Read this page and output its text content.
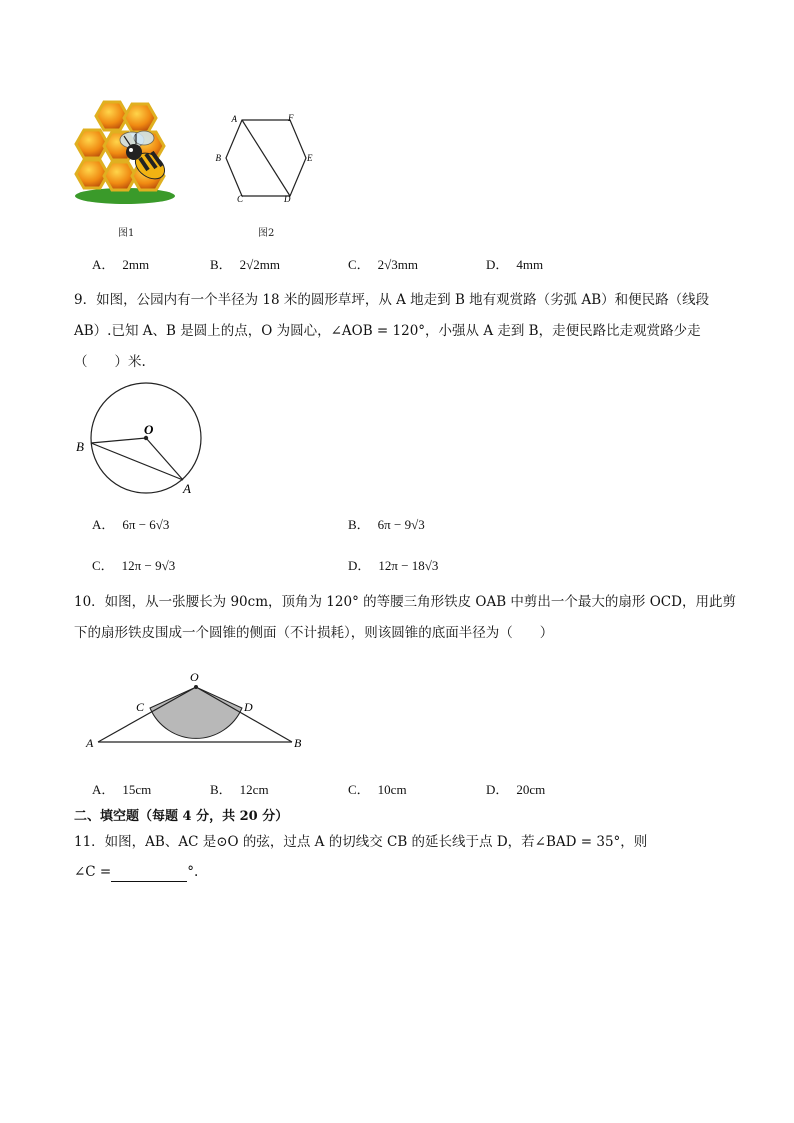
图1
A	F
E
D
C
B
图2
A． 2mm	B． 2√2mm	C． 2√3mm	D． 4mm
9．如图，公园内有一个半径为 18 米的圆形草坪，从 A 地走到 B 地有观赏路（劣弧 AB）和便民路（线段
AB）.已知 A、B 是圆上的点，O 为圆心，∠AOB = 120°，小强从 A 走到 B，走便民路比走观赏路少走
（　　）米.
O
B
A
A． 6π − 6√3	B． 6π − 9√3
C． 12π − 9√3	D． 12π − 18√3
10．如图，从一张腰长为 90cm，顶角为 120° 的等腰三角形铁皮 OAB 中剪出一个最大的扇形 OCD，用此剪
下的扇形铁皮围成一个圆锥的侧面（不计损耗），则该圆锥的底面半径为（　　）
O
C	D
A	B
A． 15cm	B． 12cm	C． 10cm	D． 20cm
二、填空题（每题 4 分，共 20 分）
11．如图，AB、AC 是⊙O 的弦，过点 A 的切线交 CB 的延长线于点 D，若∠BAD = 35°，则
∠C =	°.
